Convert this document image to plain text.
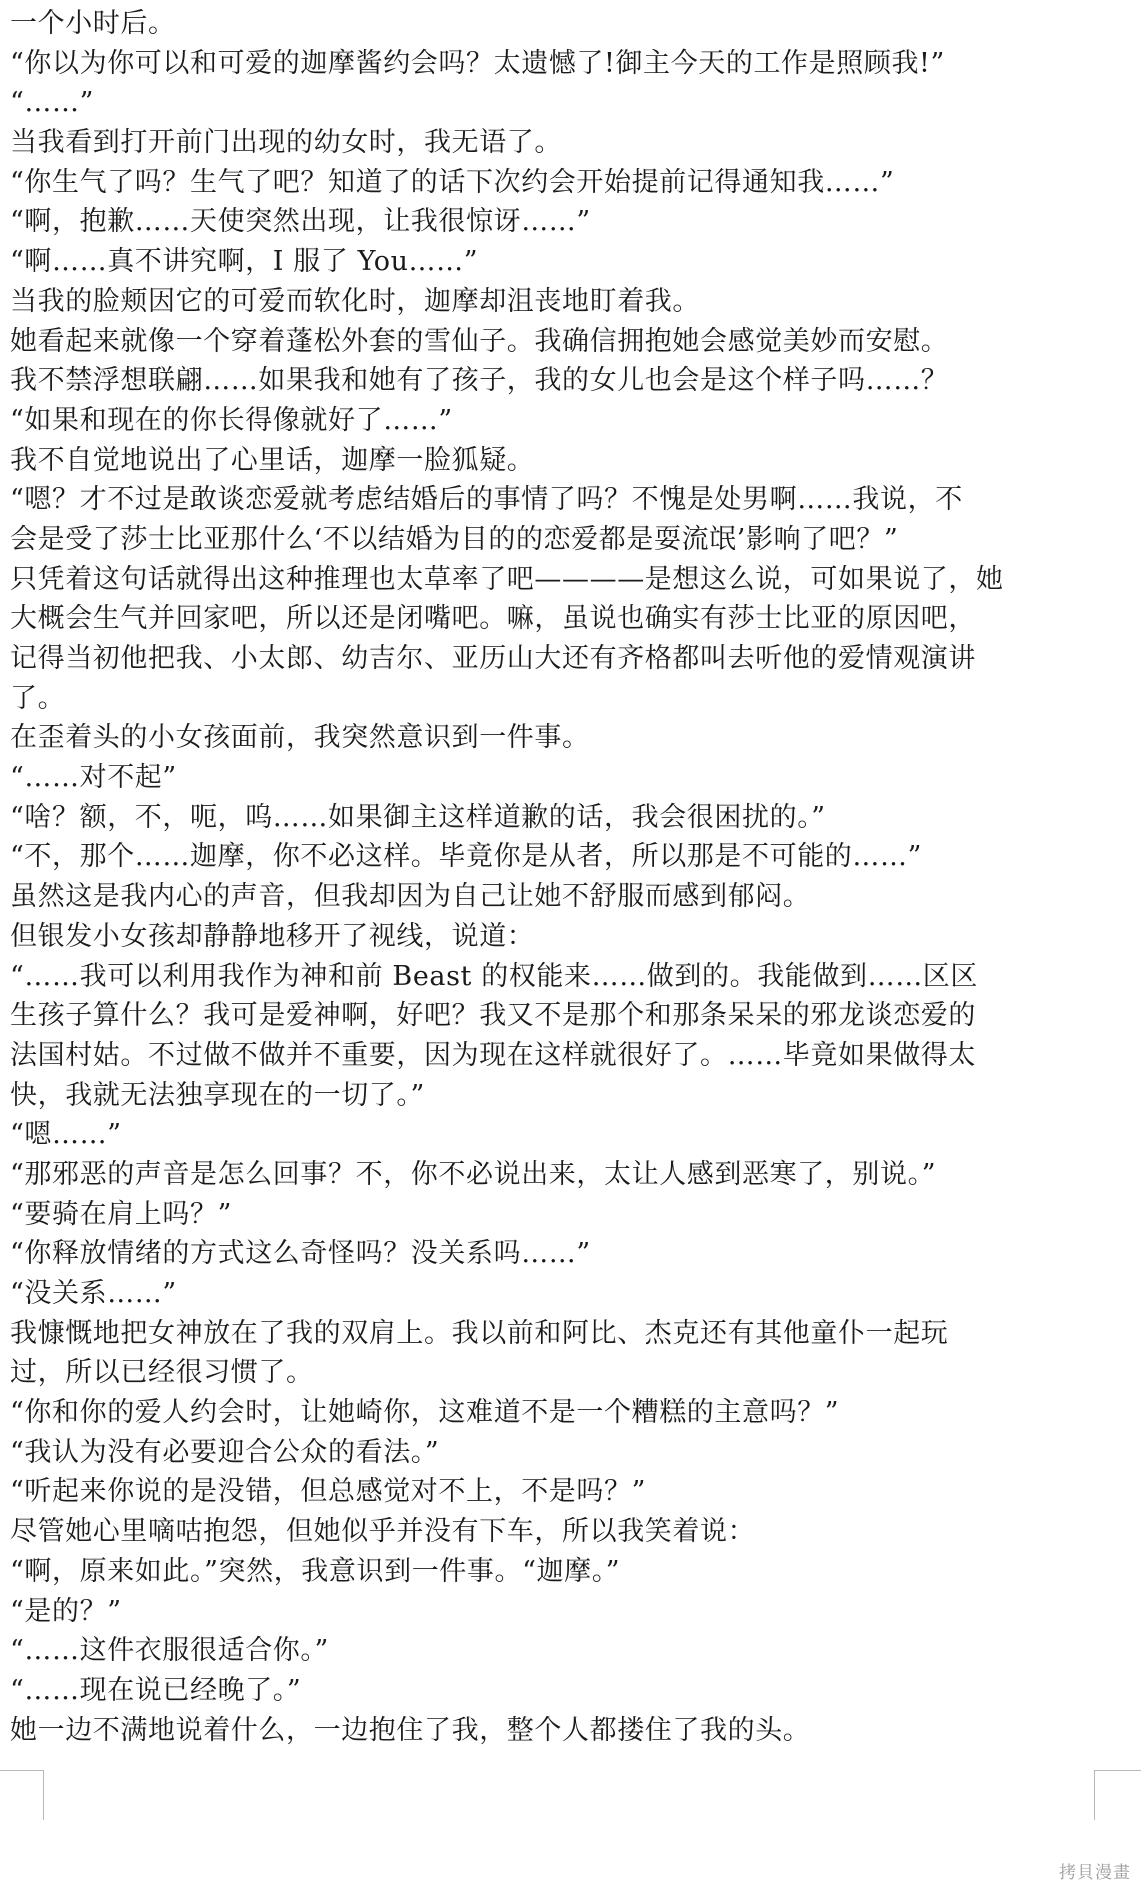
一个小时后。
“你以为你可以和可爱的迦摩酱约会吗？太遗憾了!御主今天的工作是照顾我!”
“……”
当我看到打开前门出现的幼女时，我无语了。
“你生气了吗？生气了吧？知道了的话下次约会开始提前记得通知我……”
“啊，抱歉……天使突然出现，让我很惊讶……”
“啊……真不讲究啊，I 服了 You……”
当我的脸颊因它的可爱而软化时，迦摩却沮丧地盯着我。
她看起来就像一个穿着蓬松外套的雪仙子。我确信拥抱她会感觉美妙而安慰。
我不禁浮想联翩……如果我和她有了孩子，我的女儿也会是这个样子吗……？
“如果和现在的你长得像就好了……”
我不自觉地说出了心里话，迦摩一脸狐疑。
“嗯？才不过是敢谈恋爱就考虑结婚后的事情了吗？不愧是处男啊……我说，不
会是受了莎士比亚那什么‘不以结婚为目的的恋爱都是耍流氓’影响了吧？”
只凭着这句话就得出这种推理也太草率了吧————是想这么说，可如果说了，她
大概会生气并回家吧，所以还是闭嘴吧。嘛，虽说也确实有莎士比亚的原因吧，
记得当初他把我、小太郎、幼吉尔、亚历山大还有齐格都叫去听他的爱情观演讲
了。
在歪着头的小女孩面前，我突然意识到一件事。
“……对不起”
“啥？额，不，呃，呜……如果御主这样道歉的话，我会很困扰的。”
“不，那个……迦摩，你不必这样。毕竟你是从者，所以那是不可能的……”
虽然这是我内心的声音，但我却因为自己让她不舒服而感到郁闷。
但银发小女孩却静静地移开了视线，说道：
“……我可以利用我作为神和前 Beast 的权能来……做到的。我能做到……区区
生孩子算什么？我可是爱神啊，好吧？我又不是那个和那条呆呆的邪龙谈恋爱的
法国村姑。不过做不做并不重要，因为现在这样就很好了。……毕竟如果做得太
快，我就无法独享现在的一切了。”
“嗯……”
“那邪恶的声音是怎么回事？不，你不必说出来，太让人感到恶寒了，别说。”
“要骑在肩上吗？”
“你释放情绪的方式这么奇怪吗？没关系吗……”
“没关系……”
我慷慨地把女神放在了我的双肩上。我以前和阿比、杰克还有其他童仆一起玩
过，所以已经很习惯了。
“你和你的爱人约会时，让她崎你，这难道不是一个糟糕的主意吗？”
“我认为没有必要迎合公众的看法。”
“听起来你说的是没错，但总感觉对不上，不是吗？”
尽管她心里嘀咕抱怨，但她似乎并没有下车，所以我笑着说：
“啊，原来如此。”突然，我意识到一件事。“迦摩。”
“是的？”
“……这件衣服很适合你。”
“……现在说已经晚了。”
她一边不满地说着什么，一边抱住了我，整个人都搂住了我的头。
拷貝漫畫
